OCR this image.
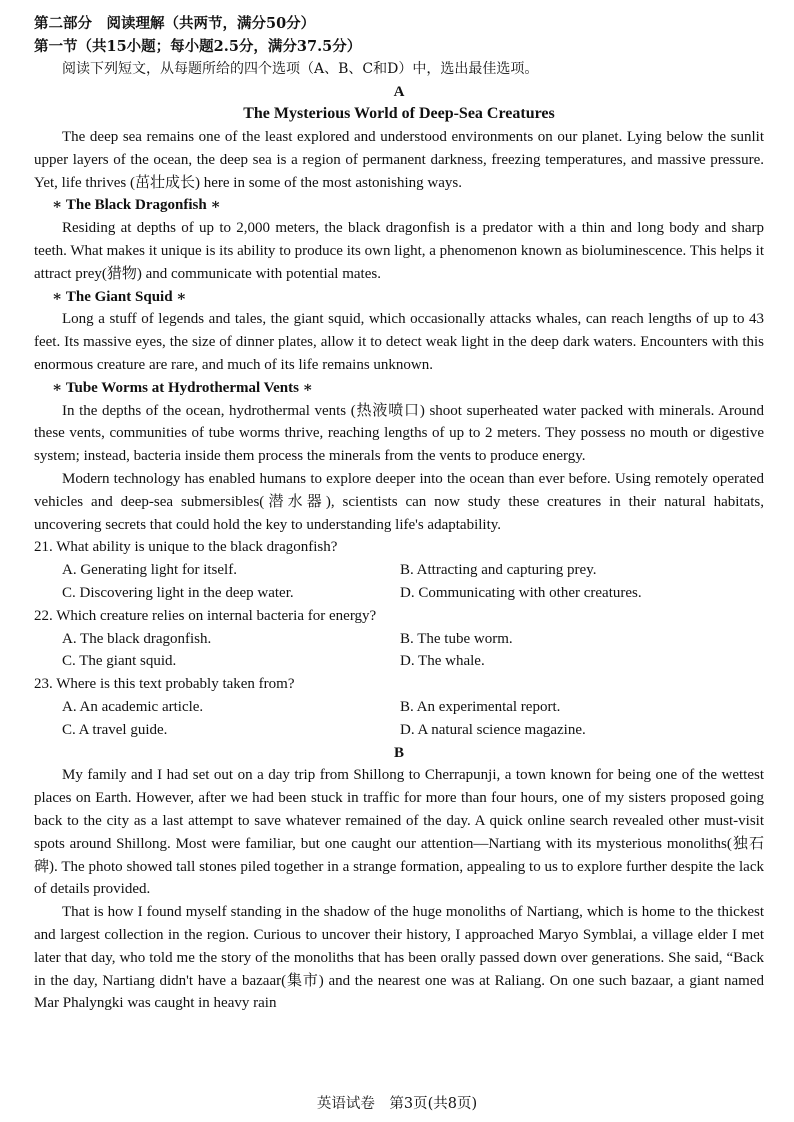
第二部分　阅读理解（共两节，满分50分）
第一节（共15小题；每小题2.5分，满分37.5分）
阅读下列短文，从每题所给的四个选项（A、B、C和D）中，选出最佳选项。
A
The Mysterious World of Deep-Sea Creatures

The deep sea remains one of the least explored and understood environments on our planet. Lying below the sunlit upper layers of the ocean, the deep sea is a region of permanent darkness, freezing temperatures, and massive pressure. Yet, life thrives (茁壮成长) here in some of the most astonishing ways.

∗ The Black Dragonfish ∗

Residing at depths of up to 2,000 meters, the black dragonfish is a predator with a thin and long body and sharp teeth. What makes it unique is its ability to produce its own light, a phenomenon known as bioluminescence. This helps it attract prey(猎物) and communicate with potential mates.

∗ The Giant Squid ∗

Long a stuff of legends and tales, the giant squid, which occasionally attacks whales, can reach lengths of up to 43 feet. Its massive eyes, the size of dinner plates, allow it to detect weak light in the deep dark waters. Encounters with this enormous creature are rare, and much of its life remains unknown.

∗ Tube Worms at Hydrothermal Vents ∗

In the depths of the ocean, hydrothermal vents (热液喷口) shoot superheated water packed with minerals. Around these vents, communities of tube worms thrive, reaching lengths of up to 2 meters. They possess no mouth or digestive system; instead, bacteria inside them process the minerals from the vents to produce energy.

Modern technology has enabled humans to explore deeper into the ocean than ever before. Using remotely operated vehicles and deep-sea submersibles(潜水器), scientists can now study these creatures in their natural habitats, uncovering secrets that could hold the key to understanding life's adaptability.

21. What ability is unique to the black dragonfish?
A. Generating light for itself.	B. Attracting and capturing prey.
C. Discovering light in the deep water.	D. Communicating with other creatures.
22. Which creature relies on internal bacteria for energy?
A. The black dragonfish.	B. The tube worm.
C. The giant squid.	D. The whale.
23. Where is this text probably taken from?
A. An academic article.	B. An experimental report.
C. A travel guide.	D. A natural science magazine.
B

My family and I had set out on a day trip from Shillong to Cherrapunji, a town known for being one of the wettest places on Earth. However, after we had been stuck in traffic for more than four hours, one of my sisters proposed going back to the city as a last attempt to save whatever remained of the day. A quick online search revealed other must-visit spots around Shillong. Most were familiar, but one caught our attention—Nartiang with its mysterious monoliths(独石碑). The photo showed tall stones piled together in a strange formation, appealing to us to explore further despite the lack of details provided.

That is how I found myself standing in the shadow of the huge monoliths of Nartiang, which is home to the thickest and largest collection in the region. Curious to uncover their history, I approached Maryo Symblai, a village elder I met later that day, who told me the story of the monoliths that has been orally passed down over generations. She said, “Back in the day, Nartiang didn't have a bazaar(集市) and the nearest one was at Raliang. On one such bazaar, a giant named Mar Phalyngki was caught in heavy rain

英语试卷　第3页(共8页)
